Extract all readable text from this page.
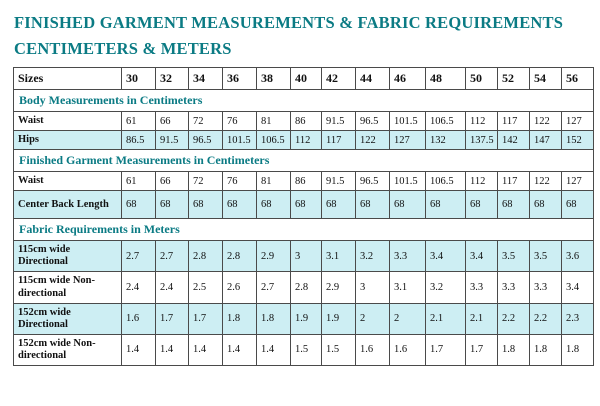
FINISHED GARMENT MEASUREMENTS & FABRIC REQUIREMENTS
CENTIMETERS & METERS
Sizes	30	32	34	36	38	40	42	44	46	48	50	52	54	56
Body Measurements in Centimeters														
Waist	61	66	72	76	81	86	91.5	96.5	101.5	106.5	112	117	122	127
Hips	86.5	91.5	96.5	101.5	106.5	112	117	122	127	132	137.5	142	147	152
Finished Garment Measurements in Centimeters														
Waist	61	66	72	76	81	86	91.5	96.5	101.5	106.5	112	117	122	127
Center Back Length	68	68	68	68	68	68	68	68	68	68	68	68	68	68
Fabric Requirements in Meters														
115cm wide Directional	2.7	2.7	2.8	2.8	2.9	3	3.1	3.2	3.3	3.4	3.4	3.5	3.5	3.6
115cm wide Non-directional	2.4	2.4	2.5	2.6	2.7	2.8	2.9	3	3.1	3.2	3.3	3.3	3.3	3.4
152cm wide Directional	1.6	1.7	1.7	1.8	1.8	1.9	1.9	2	2	2.1	2.1	2.2	2.2	2.3
152cm wide Non-directional	1.4	1.4	1.4	1.4	1.4	1.5	1.5	1.6	1.6	1.7	1.7	1.8	1.8	1.8
